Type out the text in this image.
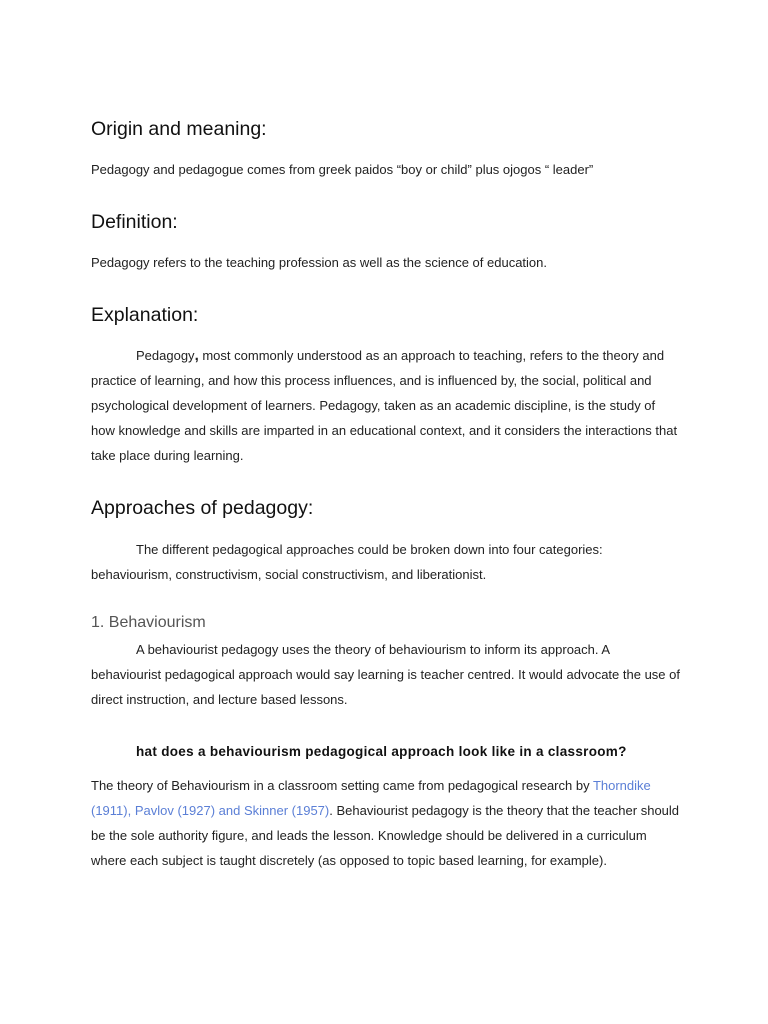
Origin and meaning:

Pedagogy and pedagogue comes from greek paidos “boy or child” plus ojogos “ leader”

Definition:

Pedagogy refers to the teaching profession as well as the science of education.

Explanation:

Pedagogy, most commonly understood as an approach to teaching, refers to the theory and practice of learning, and how this process influences, and is influenced by, the social, political and psychological development of learners. Pedagogy, taken as an academic discipline, is the study of how knowledge and skills are imparted in an educational context, and it considers the interactions that take place during learning.

Approaches of pedagogy:

The different pedagogical approaches could be broken down into four categories: behaviourism, constructivism, social constructivism, and liberationist.

1. Behaviourism

A behaviourist pedagogy uses the theory of behaviourism to inform its approach. A behaviourist pedagogical approach would say learning is teacher centred. It would advocate the use of direct instruction, and lecture based lessons.

hat does a behaviourism pedagogical approach look like in a classroom?

The theory of Behaviourism in a classroom setting came from pedagogical research by Thorndike (1911), Pavlov (1927) and Skinner (1957). Behaviourist pedagogy is the theory that the teacher should be the sole authority figure, and leads the lesson. Knowledge should be delivered in a curriculum where each subject is taught discretely (as opposed to topic based learning, for example).
